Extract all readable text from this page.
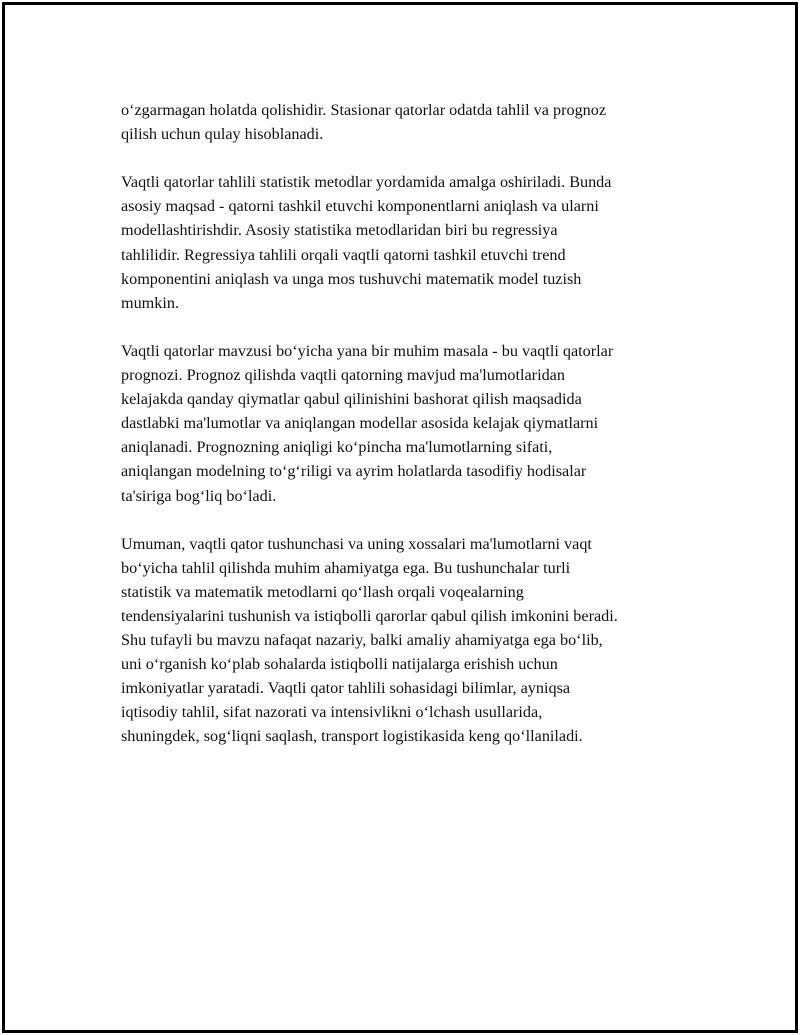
o‘zgarmagan holatda qolishidir. Stasionar qatorlar odatda tahlil va prognoz
qilish uchun qulay hisoblanadi.

Vaqtli qatorlar tahlili statistik metodlar yordamida amalga oshiriladi. Bunda
asosiy maqsad - qatorni tashkil etuvchi komponentlarni aniqlash va ularni
modellashtirishdir. Asosiy statistika metodlaridan biri bu regressiya
tahlilidir. Regressiya tahlili orqali vaqtli qatorni tashkil etuvchi trend
komponentini aniqlash va unga mos tushuvchi matematik model tuzish
mumkin.

Vaqtli qatorlar mavzusi bo‘yicha yana bir muhim masala - bu vaqtli qatorlar
prognozi. Prognoz qilishda vaqtli qatorning mavjud ma'lumotlaridan
kelajakda qanday qiymatlar qabul qilinishini bashorat qilish maqsadida
dastlabki ma'lumotlar va aniqlangan modellar asosida kelajak qiymatlarni
aniqlanadi. Prognozning aniqligi ko‘pincha ma'lumotlarning sifati,
aniqlangan modelning to‘g‘riligi va ayrim holatlarda tasodifiy hodisalar
ta'siriga bog‘liq bo‘ladi.

Umuman, vaqtli qator tushunchasi va uning xossalari ma'lumotlarni vaqt
bo‘yicha tahlil qilishda muhim ahamiyatga ega. Bu tushunchalar turli
statistik va matematik metodlarni qo‘llash orqali voqealarning
tendensiyalarini tushunish va istiqbolli qarorlar qabul qilish imkonini beradi.
Shu tufayli bu mavzu nafaqat nazariy, balki amaliy ahamiyatga ega bo‘lib,
uni o‘rganish ko‘plab sohalarda istiqbolli natijalarga erishish uchun
imkoniyatlar yaratadi. Vaqtli qator tahlili sohasidagi bilimlar, ayniqsa
iqtisodiy tahlil, sifat nazorati va intensivlikni o‘lchash usullarida,
shuningdek, sog‘liqni saqlash, transport logistikasida keng qo‘llaniladi.
